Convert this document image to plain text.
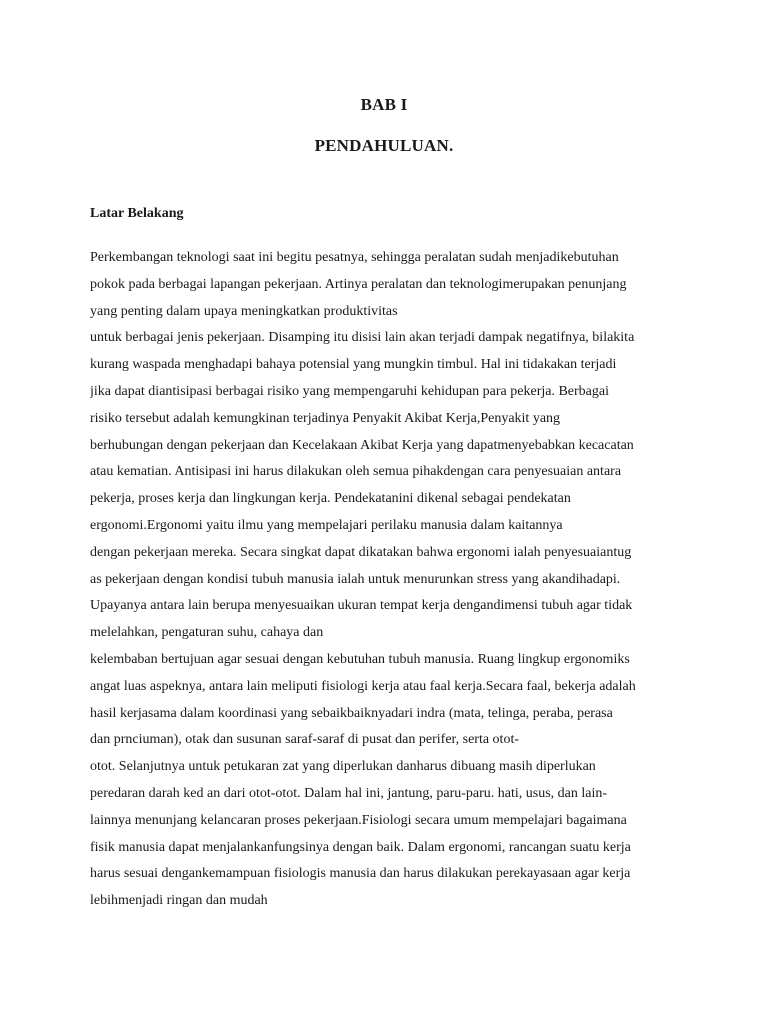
BAB I
PENDAHULUAN.
Latar Belakang
Perkembangan teknologi saat ini begitu pesatnya, sehingga peralatan sudah menjadikebutuhan
pokok pada berbagai lapangan pekerjaan. Artinya peralatan dan teknologimerupakan penunjang
yang penting dalam upaya meningkatkan produktivitas
untuk berbagai jenis pekerjaan. Disamping itu disisi lain akan terjadi dampak negatifnya, bilakita
kurang waspada menghadapi bahaya potensial yang mungkin timbul. Hal ini tidakakan terjadi
jika dapat diantisipasi berbagai risiko yang mempengaruhi kehidupan para pekerja. Berbagai
risiko tersebut adalah kemungkinan terjadinya Penyakit Akibat Kerja,Penyakit yang
berhubungan dengan pekerjaan dan Kecelakaan Akibat Kerja yang dapatmenyebabkan kecacatan
atau kematian. Antisipasi ini harus dilakukan oleh semua pihakdengan cara penyesuaian antara
pekerja, proses kerja dan lingkungan kerja. Pendekatanini dikenal sebagai pendekatan
ergonomi.Ergonomi yaitu ilmu yang mempelajari perilaku manusia dalam kaitannya
dengan pekerjaan mereka. Secara singkat dapat dikatakan bahwa ergonomi ialah penyesuaiantug
as pekerjaan dengan kondisi tubuh manusia ialah untuk menurunkan stress yang akandihadapi.
Upayanya antara lain berupa menyesuaikan ukuran tempat kerja dengandimensi tubuh agar tidak
melelahkan, pengaturan suhu, cahaya dan
kelembaban bertujuan agar sesuai dengan kebutuhan tubuh manusia. Ruang lingkup ergonomiks
angat luas aspeknya, antara lain meliputi fisiologi kerja atau faal kerja.Secara faal, bekerja adalah
hasil kerjasama dalam koordinasi yang sebaikbaiknyadari indra (mata, telinga, peraba, perasa
dan prnciuman), otak dan susunan saraf-saraf di pusat dan perifer, serta otot-
otot. Selanjutnya untuk petukaran zat yang diperlukan danharus dibuang masih diperlukan
peredaran darah ked an dari otot-otot. Dalam hal ini, jantung, paru-paru. hati, usus, dan lain-
lainnya menunjang kelancaran proses pekerjaan.Fisiologi secara umum mempelajari bagaimana
fisik manusia dapat menjalankanfungsinya dengan baik. Dalam ergonomi, rancangan suatu kerja
harus sesuai dengankemampuan fisiologis manusia dan harus dilakukan perekayasaan agar kerja
lebihmenjadi ringan dan mudah
